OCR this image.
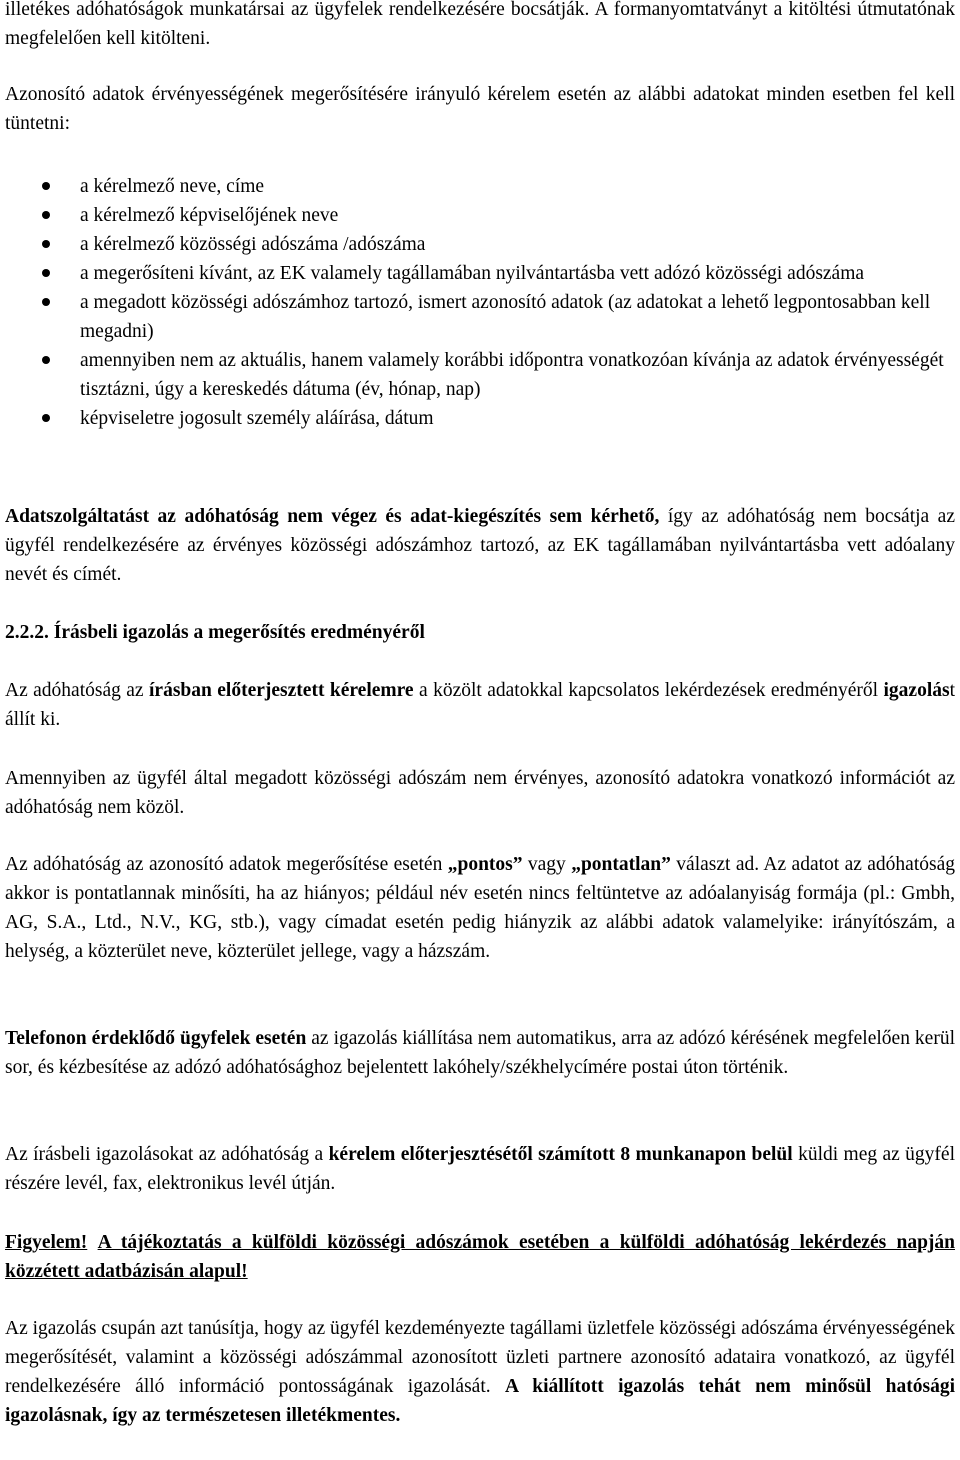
illetékes adóhatóságok munkatársai az ügyfelek rendelkezésére bocsátják. A formanyomtatványt a kitöltési útmutatónak megfelelően kell kitölteni.

Azonosító adatok érvényességének megerősítésére irányuló kérelem esetén az alábbi adatokat minden esetben fel kell tüntetni:

a kérelmező neve, címe
a kérelmező képviselőjének neve
a kérelmező közösségi adószáma /adószáma
a megerősíteni kívánt, az EK valamely tagállamában nyilvántartásba vett adózó közösségi adószáma
a megadott közösségi adószámhoz tartozó, ismert azonosító adatok (az adatokat a lehető legpontosabban kell megadni)
amennyiben nem az aktuális, hanem valamely korábbi időpontra vonatkozóan kívánja az adatok érvényességét tisztázni, úgy a kereskedés dátuma (év, hónap, nap)
képviseletre jogosult személy aláírása, dátum

Adatszolgáltatást az adóhatóság nem végez és adat-kiegészítés sem kérhető, így az adóhatóság nem bocsátja az ügyfél rendelkezésére az érvényes közösségi adószámhoz tartozó, az EK tagállamában nyilvántartásba vett adóalany nevét és címét.

2.2.2. Írásbeli igazolás a megerősítés eredményéről

Az adóhatóság az írásban előterjesztett kérelemre a közölt adatokkal kapcsolatos lekérdezések eredményéről igazolást állít ki.

Amennyiben az ügyfél által megadott közösségi adószám nem érvényes, azonosító adatokra vonatkozó információt az adóhatóság nem közöl.

Az adóhatóság az azonosító adatok megerősítése esetén „pontos” vagy „pontatlan” választ ad. Az adatot az adóhatóság akkor is pontatlannak minősíti, ha az hiányos; például név esetén nincs feltüntetve az adóalanyiság formája (pl.: Gmbh, AG, S.A., Ltd., N.V., KG, stb.), vagy címadat esetén pedig hiányzik az alábbi adatok valamelyike: irányítószám, a helység, a közterület neve, közterület jellege, vagy a házszám.

Telefonon érdeklődő ügyfelek esetén az igazolás kiállítása nem automatikus, arra az adózó kérésének megfelelően kerül sor, és kézbesítése az adózó adóhatósághoz bejelentett lakóhely/székhelycímére postai úton történik.

Az írásbeli igazolásokat az adóhatóság a kérelem előterjesztésétől számított 8 munkanapon belül küldi meg az ügyfél részére levél, fax, elektronikus levél útján.

Figyelem! A tájékoztatás a külföldi közösségi adószámok esetében a külföldi adóhatóság lekérdezés napján közzétett adatbázisán alapul!

Az igazolás csupán azt tanúsítja, hogy az ügyfél kezdeményezte tagállami üzletfele közösségi adószáma érvényességének megerősítését, valamint a közösségi adószámmal azonosított üzleti partnere azonosító adataira vonatkozó, az ügyfél rendelkezésére álló információ pontosságának igazolását. A kiállított igazolás tehát nem minősül hatósági igazolásnak, így az természetesen illetékmentes.
